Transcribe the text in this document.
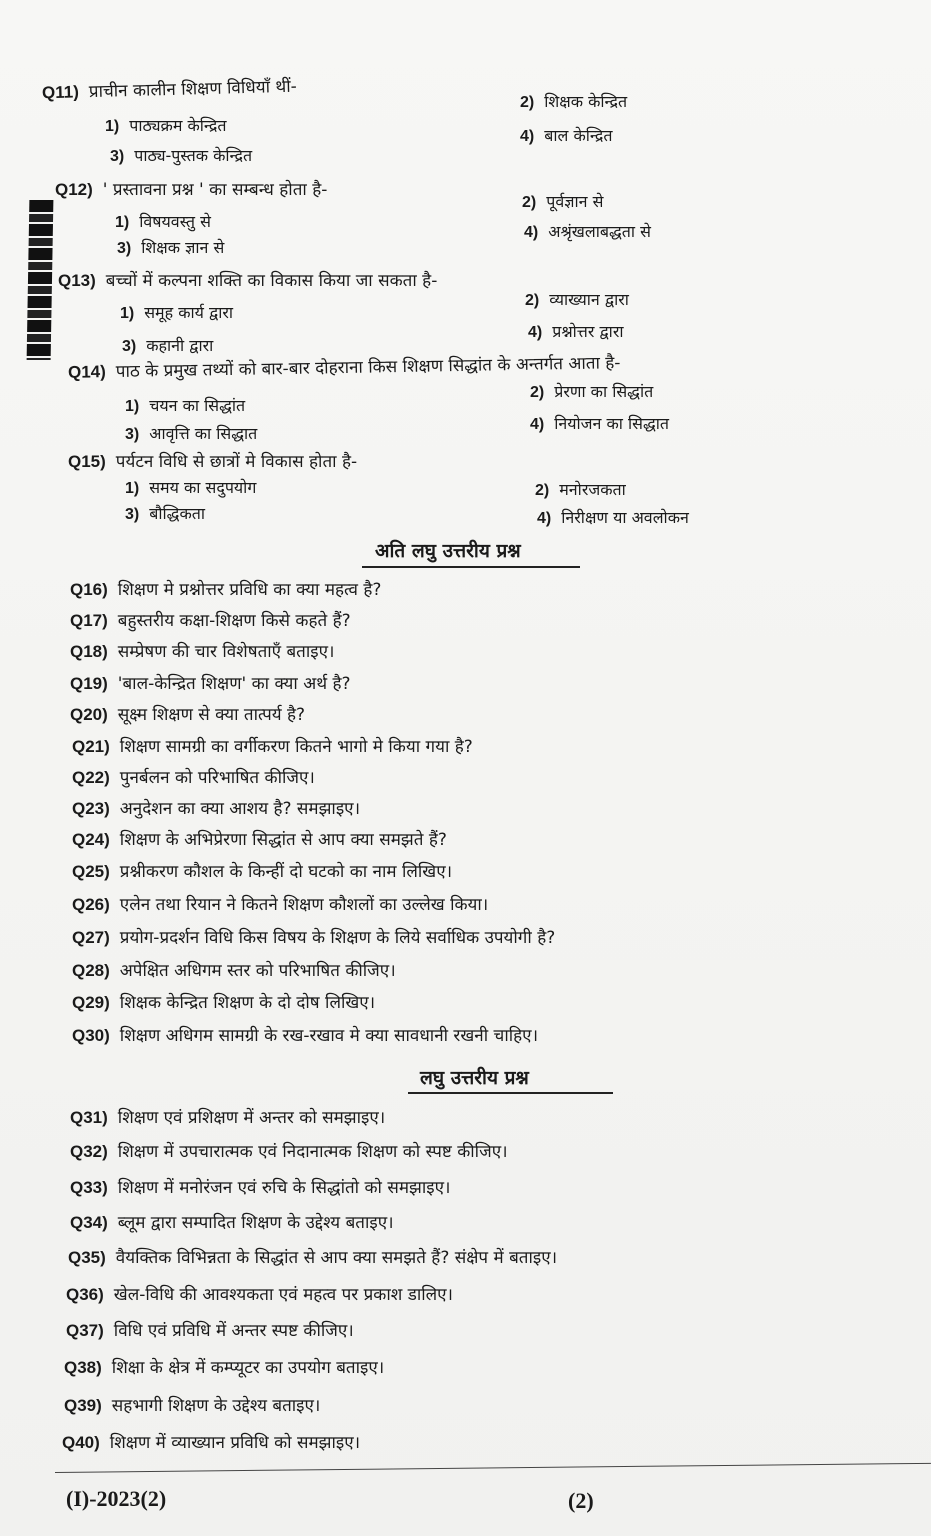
Q11) प्राचीन कालीन शिक्षण विधियाँ थीं-
1) पाठ्यक्रम केन्द्रित
2) शिक्षक केन्द्रित
3) पाठ्य-पुस्तक केन्द्रित
4) बाल केन्द्रित
Q12) ' प्रस्तावना प्रश्न ' का सम्बन्ध होता है-
1) विषयवस्तु से
2) पूर्वज्ञान से
3) शिक्षक ज्ञान से
4) अश्रृंखलाबद्धता से
Q13) बच्चों में कल्पना शक्ति का विकास किया जा सकता है-
1) समूह कार्य द्वारा
2) व्याख्यान द्वारा
3) कहानी द्वारा
4) प्रश्नोत्तर द्वारा
Q14) पाठ के प्रमुख तथ्यों को बार-बार दोहराना किस शिक्षण सिद्धांत के अन्तर्गत आता है-
1) चयन का सिद्धांत
2) प्रेरणा का सिद्धांत
3) आवृत्ति का सिद्धात	4) नियोजन का सिद्धात
Q15) पर्यटन विधि से छात्रों मे विकास होता है-
1) समय का सदुपयोग	2) मनोरजकता
3) बौद्धिकता	4) निरीक्षण या अवलोकन
अति लघु उत्तरीय प्रश्न
Q16) शिक्षण मे प्रश्नोत्तर प्रविधि का क्या महत्व है?
Q17) बहुस्तरीय कक्षा-शिक्षण किसे कहते हैं?
Q18) सम्प्रेषण की चार विशेषताएँ बताइए।
Q19) 'बाल-केन्द्रित शिक्षण' का क्या अर्थ है?
Q20) सूक्ष्म शिक्षण से क्या तात्पर्य है?
Q21) शिक्षण सामग्री का वर्गीकरण कितने भागो मे किया गया है?
Q22) पुनर्बलन को परिभाषित कीजिए।
Q23) अनुदेशन का क्या आशय है? समझाइए।
Q24) शिक्षण के अभिप्रेरणा सिद्धांत से आप क्या समझते हैं?
Q25) प्रश्नीकरण कौशल के किन्हीं दो घटको का नाम लिखिए।
Q26) एलेन तथा रियान ने कितने शिक्षण कौशलों का उल्लेख किया।
Q27) प्रयोग-प्रदर्शन विधि किस विषय के शिक्षण के लिये सर्वाधिक उपयोगी है?
Q28) अपेक्षित अधिगम स्तर को परिभाषित कीजिए।
Q29) शिक्षक केन्द्रित शिक्षण के दो दोष लिखिए।
Q30) शिक्षण अधिगम सामग्री के रख-रखाव मे क्या सावधानी रखनी चाहिए।
लघु उत्तरीय प्रश्न
Q31) शिक्षण एवं प्रशिक्षण में अन्तर को समझाइए।
Q32) शिक्षण में उपचारात्मक एवं निदानात्मक शिक्षण को स्पष्ट कीजिए।
Q33) शिक्षण में मनोरंजन एवं रुचि के सिद्धांतो को समझाइए।
Q34) ब्लूम द्वारा सम्पादित शिक्षण के उद्देश्य बताइए।
Q35) वैयक्तिक विभिन्नता के सिद्धांत से आप क्या समझते हैं? संक्षेप में बताइए।
Q36) खेल-विधि की आवश्यकता एवं महत्व पर प्रकाश डालिए।
Q37) विधि एवं प्रविधि में अन्तर स्पष्ट कीजिए।
Q38) शिक्षा के क्षेत्र में कम्प्यूटर का उपयोग बताइए।
Q39) सहभागी शिक्षण के उद्देश्य बताइए।
Q40) शिक्षण में व्याख्यान प्रविधि को समझाइए।
(I)-2023(2)	(2)
